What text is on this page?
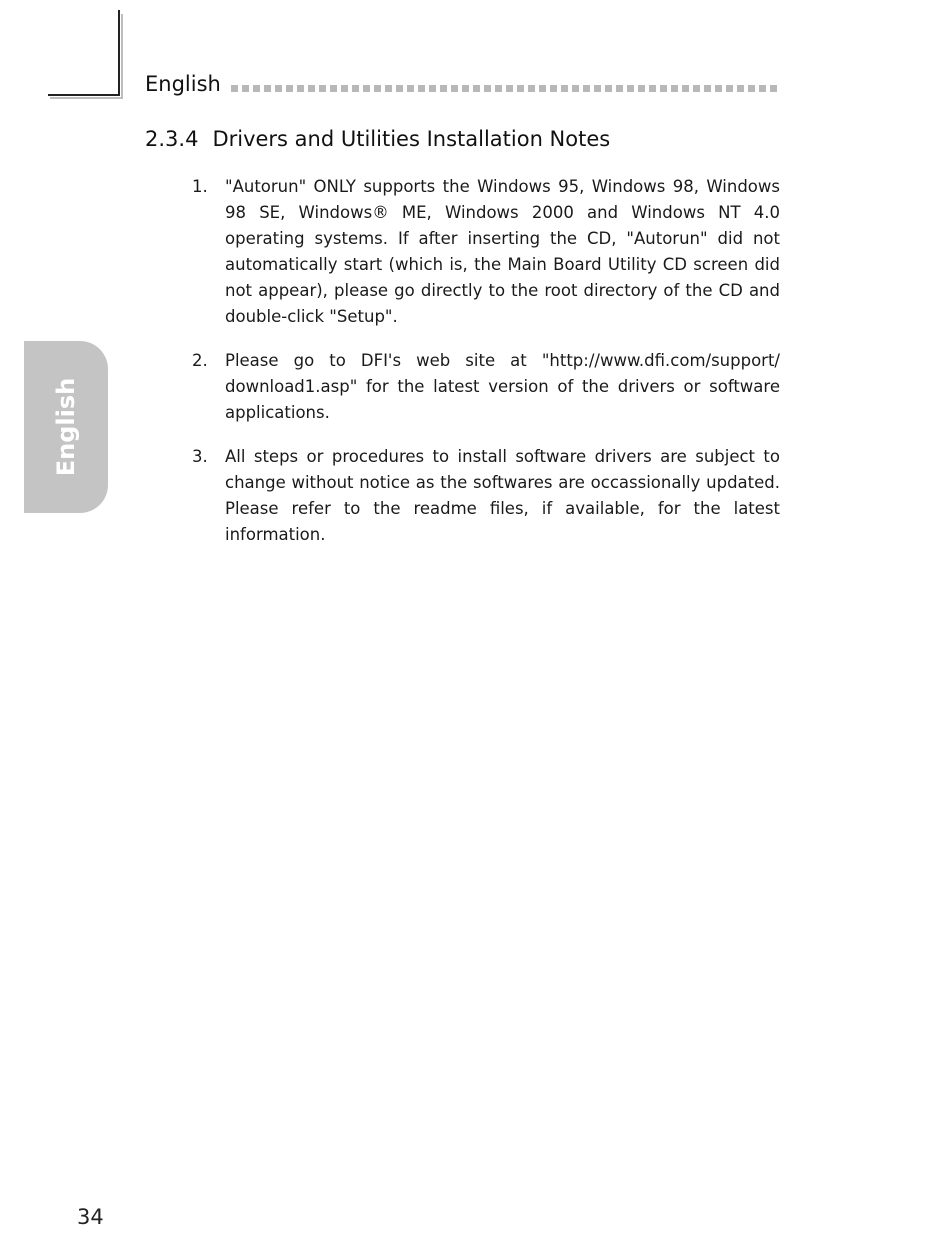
English
2.3.4 Drivers and Utilities Installation Notes
1. "Autorun" ONLY supports the Windows 95, Windows 98, Windows 98 SE, Windows® ME, Windows 2000 and Windows NT 4.0 operating systems. If after inserting the CD, "Autorun" did not automatically start (which is, the Main Board Utility CD screen did not appear), please go directly to the root directory of the CD and double-click "Setup".
2. Please go to DFI's web site at "http://www.dfi.com/support/ download1.asp" for the latest version of the drivers or software applications.
3. All steps or procedures to install software drivers are subject to change without notice as the softwares are occassionally updated. Please refer to the readme files, if available, for the latest information.
English
34
